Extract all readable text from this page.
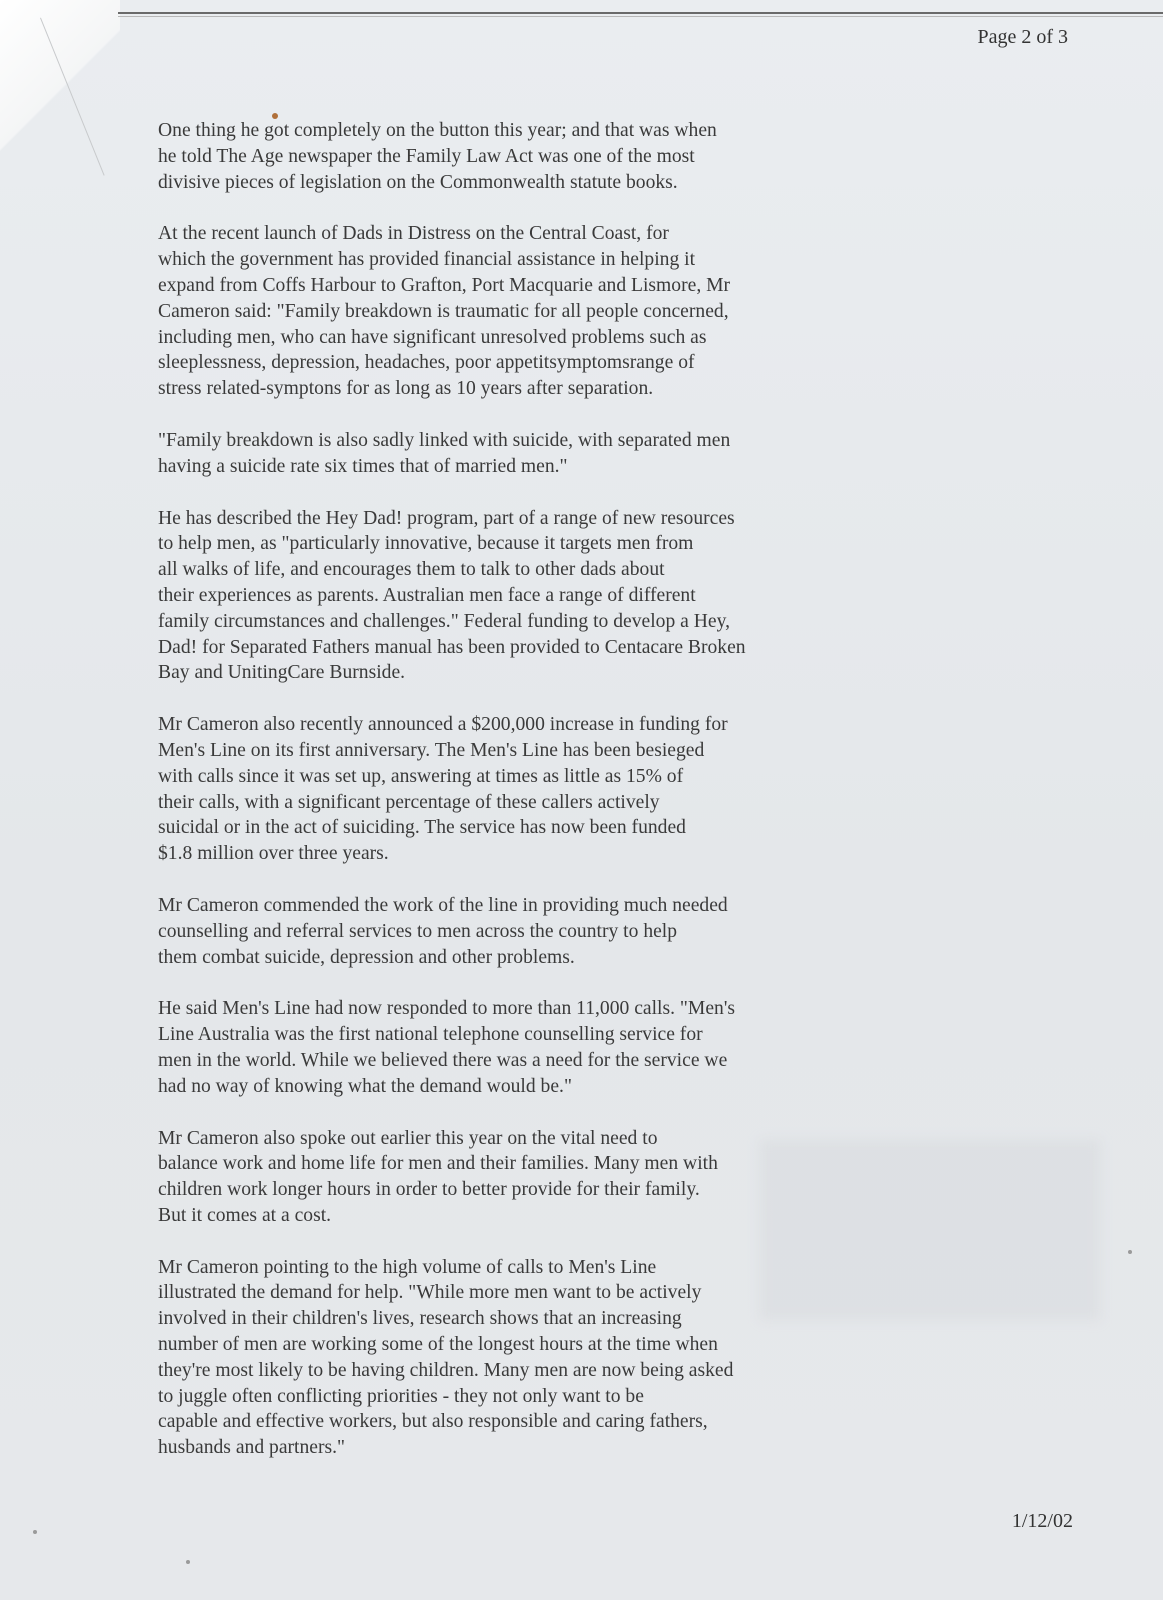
Page 2 of 3

One thing he got completely on the button this year; and that was when
he told The Age newspaper the Family Law Act was one of the most
divisive pieces of legislation on the Commonwealth statute books.

At the recent launch of Dads in Distress on the Central Coast, for
which the government has provided financial assistance in helping it
expand from Coffs Harbour to Grafton, Port Macquarie and Lismore, Mr
Cameron said: "Family breakdown is traumatic for all people concerned,
including men, who can have significant unresolved problems such as
sleeplessness, depression, headaches, poor appetitsymptomsrange of
stress related-symptons for as long as 10 years after separation.

"Family breakdown is also sadly linked with suicide, with separated men
having a suicide rate six times that of married men."

He has described the Hey Dad! program, part of a range of new resources
to help men, as "particularly innovative, because it targets men from
all walks of life, and encourages them to talk to other dads about
their experiences as parents. Australian men face a range of different
family circumstances and challenges." Federal funding to develop a Hey,
Dad! for Separated Fathers manual has been provided to Centacare Broken
Bay and UnitingCare Burnside.

Mr Cameron also recently announced a $200,000 increase in funding for
Men's Line on its first anniversary. The Men's Line has been besieged
with calls since it was set up, answering at times as little as 15% of
their calls, with a significant percentage of these callers actively
suicidal or in the act of suiciding. The service has now been funded
$1.8 million over three years.

Mr Cameron commended the work of the line in providing much needed
counselling and referral services to men across the country to help
them combat suicide, depression and other problems.

He said Men's Line had now responded to more than 11,000 calls. "Men's
Line Australia was the first national telephone counselling service for
men in the world. While we believed there was a need for the service we
had no way of knowing what the demand would be."

Mr Cameron also spoke out earlier this year on the vital need to
balance work and home life for men and their families. Many men with
children work longer hours in order to better provide for their family.
But it comes at a cost.

Mr Cameron pointing to the high volume of calls to Men's Line
illustrated the demand for help. "While more men want to be actively
involved in their children's lives, research shows that an increasing
number of men are working some of the longest hours at the time when
they're most likely to be having children. Many men are now being asked
to juggle often conflicting priorities - they not only want to be
capable and effective workers, but also responsible and caring fathers,
husbands and partners."

1/12/02
